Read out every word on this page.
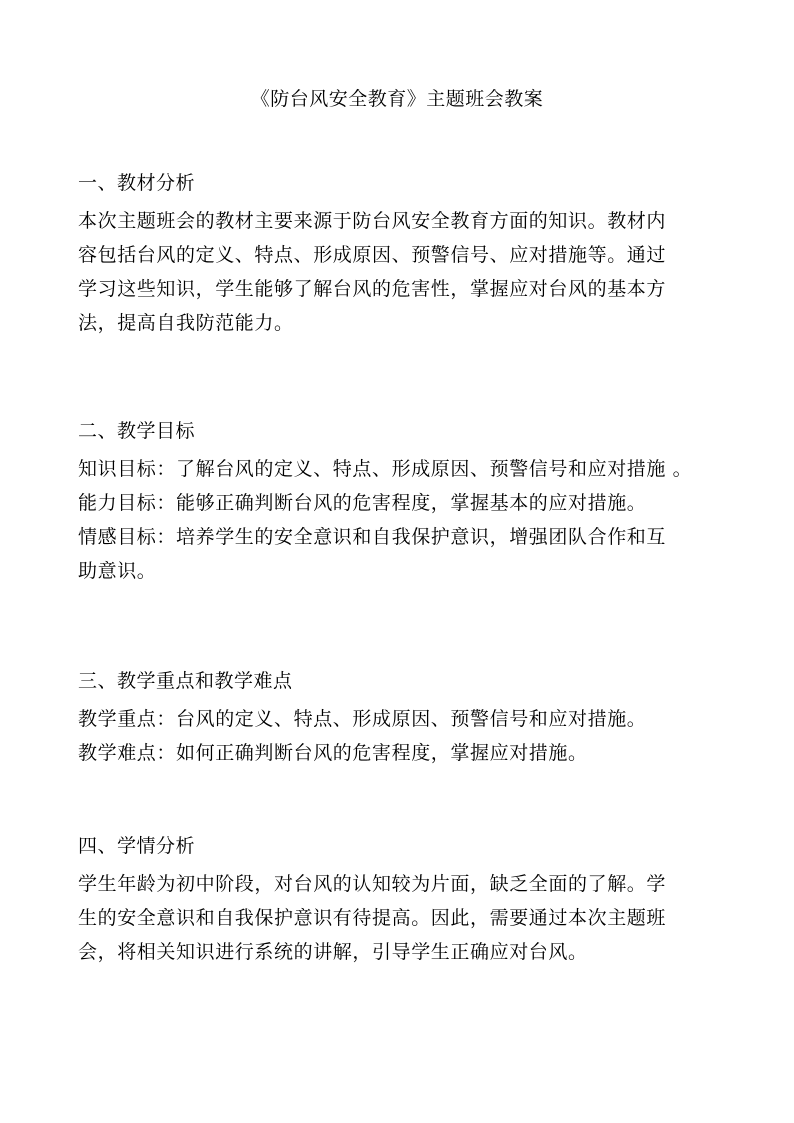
《防台风安全教育》主题班会教案
一、教材分析
本次主题班会的教材主要来源于防台风安全教育方面的知识。教材内
容包括台风的定义、特点、形成原因、预警信号、应对措施等。通过
学习这些知识，学生能够了解台风的危害性，掌握应对台风的基本方
法，提高自我防范能力。
二、教学目标
知识目标：了解台风的定义、特点、形成原因、预警信号和应对措施 。
能力目标：能够正确判断台风的危害程度，掌握基本的应对措施。
情感目标：培养学生的安全意识和自我保护意识，增强团队合作和互
助意识。
三、教学重点和教学难点
教学重点：台风的定义、特点、形成原因、预警信号和应对措施。
教学难点：如何正确判断台风的危害程度，掌握应对措施。
四、学情分析
学生年龄为初中阶段，对台风的认知较为片面，缺乏全面的了解。学
生的安全意识和自我保护意识有待提高。因此，需要通过本次主题班
会，将相关知识进行系统的讲解，引导学生正确应对台风。
